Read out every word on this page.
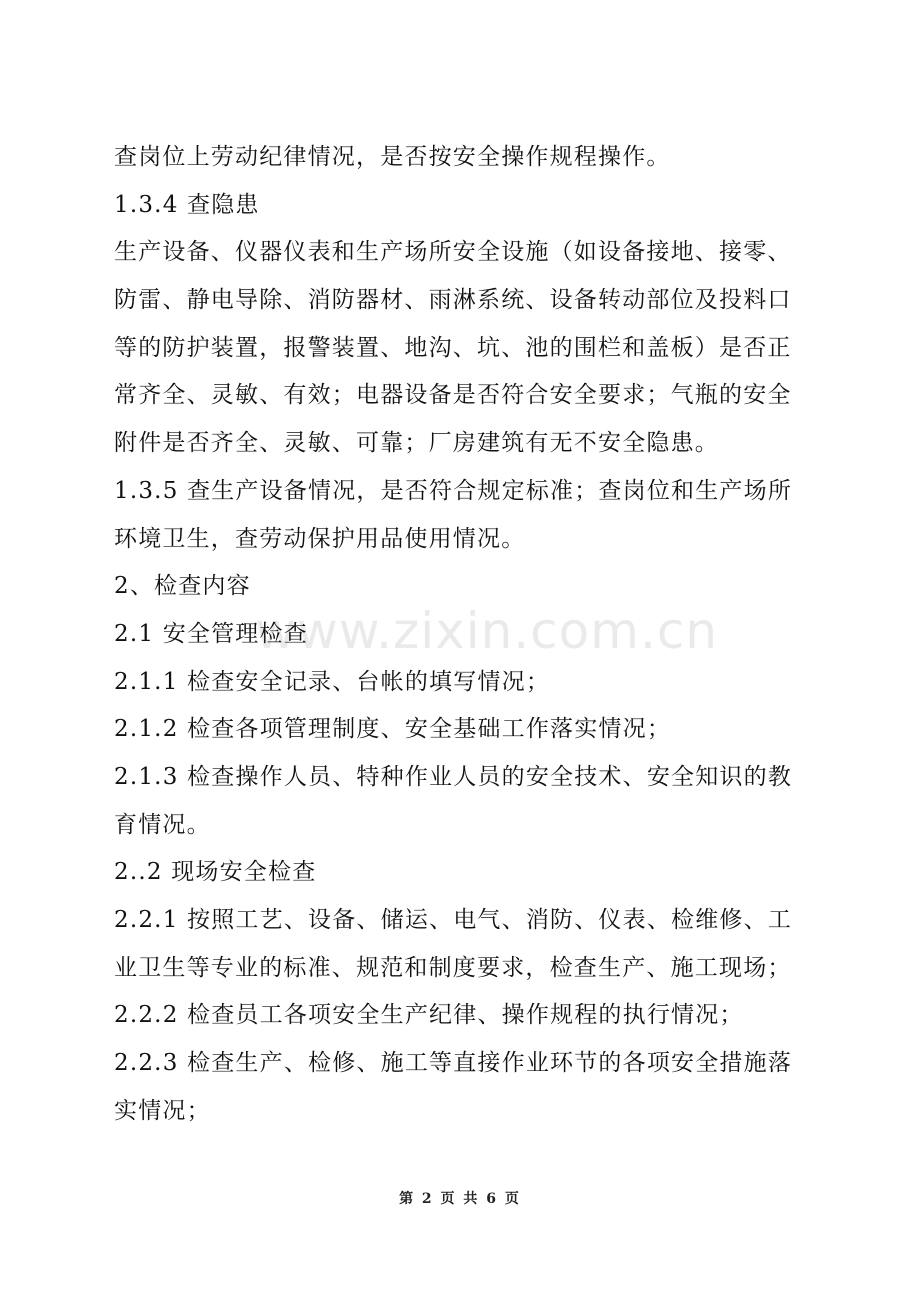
www.zixin.com.cn
查岗位上劳动纪律情况，是否按安全操作规程操作。
1.3.4 查隐患
生产设备、仪器仪表和生产场所安全设施（如设备接地、接零、
防雷、静电导除、消防器材、雨淋系统、设备转动部位及投料口
等的防护装置，报警装置、地沟、坑、池的围栏和盖板）是否正
常齐全、灵敏、有效；电器设备是否符合安全要求；气瓶的安全
附件是否齐全、灵敏、可靠；厂房建筑有无不安全隐患。
1.3.5 查生产设备情况，是否符合规定标准；查岗位和生产场所
环境卫生，查劳动保护用品使用情况。
2、检查内容
2.1 安全管理检查
2.1.1 检查安全记录、台帐的填写情况；
2.1.2 检查各项管理制度、安全基础工作落实情况；
2.1.3 检查操作人员、特种作业人员的安全技术、安全知识的教
育情况。
2..2 现场安全检查
2.2.1 按照工艺、设备、储运、电气、消防、仪表、检维修、工
业卫生等专业的标准、规范和制度要求，检查生产、施工现场；
2.2.2 检查员工各项安全生产纪律、操作规程的执行情况；
2.2.3 检查生产、检修、施工等直接作业环节的各项安全措施落
实情况；
第 2 页 共 6 页
